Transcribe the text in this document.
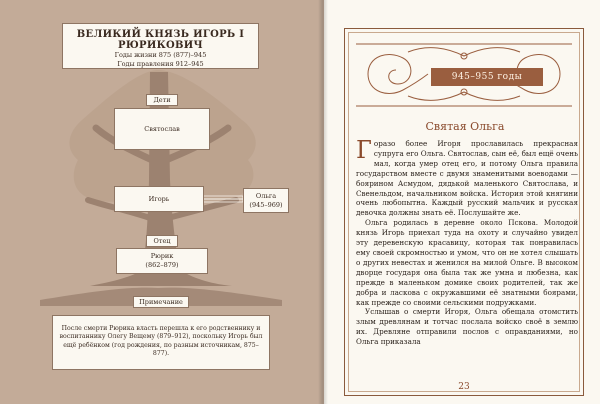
ВЕЛИКИЙ КНЯЗЬ ИГОРЬ I РЮРИКОВИЧ
Годы жизни 875 (877)–945
Годы правления 912–945
Дети
Святослав
Игорь	Ольга
(945–969)
Отец
Рюрик
(862–879)
Примечание
После смерти Рюрика власть перешла к его родственнику и воспитаннику Олегу Вещему (879–912), поскольку Игорь был ещё ребёнком (год рождения, по разным источникам, 875–877).
945–955 годы
Святая Ольга

Горазо более Игоря прославилась прекрасная супруга его Ольга. Святослав, сын её, был ещё очень мал, когда умер отец его, и потому Ольга правила государством вместе с двумя знаменитыми воеводами — боярином Асмудом, дядькой маленького Святослава, и Свенельдом, начальником войска. История этой княгини очень любопытна. Каждый русский мальчик и русская девочка должны знать её. Послушайте же.

Ольга родилась в деревне около Пскова. Молодой князь Игорь приехал туда на охоту и случайно увидел эту деревенскую красавицу, которая так понравилась ему своей скромностью и умом, что он не хотел слышать о других невестах и женился на милой Ольге. В высоком дворце государя она была так же умна и любезна, как прежде в маленьком домике своих родителей, так же добра и ласкова с окружавшими её знатными боярами, как прежде со своими сельскими подружками.

Услышав о смерти Игоря, Ольга обещала отомстить злым древлянам и тотчас послала войско своё в землю их. Древляне отправили послов с оправданиями, но Ольга приказала

23
